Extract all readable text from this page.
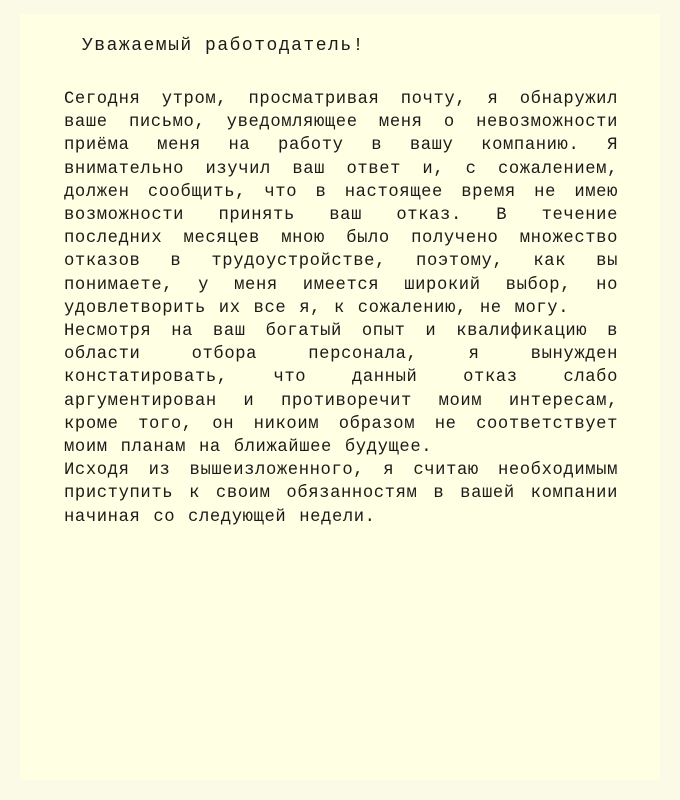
Уважаемый работодатель!

Сегодня утром, просматривая почту, я обнаружил ваше письмо, уведомляющее меня о невозможности приёма меня на работу в вашу компанию. Я внимательно изучил ваш ответ и, с сожалением, должен сообщить, что в настоящее время не имею возможности принять ваш отказ. В течение последних месяцев мною было получено множество отказов в трудоустройстве, поэтому, как вы понимаете, у меня имеется широкий выбор, но удовлетворить их все я, к сожалению, не могу.

Несмотря на ваш богатый опыт и квалификацию в области отбора персонала, я вынужден констатировать, что данный отказ слабо аргументирован и противоречит моим интересам, кроме того, он никоим образом не соответствует моим планам на ближайшее будущее.

Исходя из вышеизложенного, я считаю необходимым приступить к своим обязанностям в вашей компании начиная со следующей недели.
